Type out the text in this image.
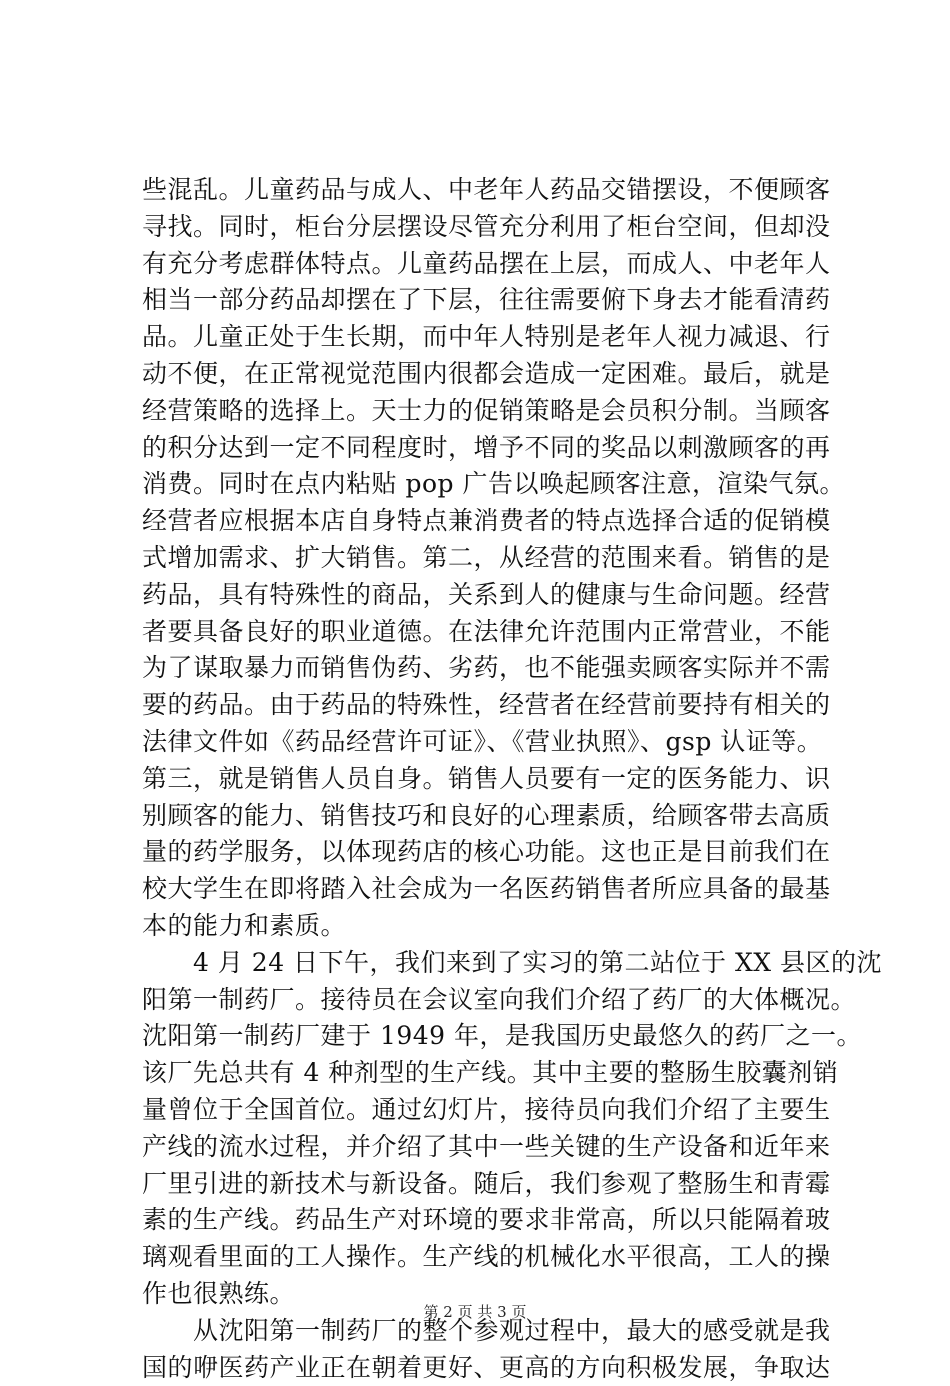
些混乱。儿童药品与成人、中老年人药品交错摆设，不便顾客
寻找。同时，柜台分层摆设尽管充分利用了柜台空间，但却没
有充分考虑群体特点。儿童药品摆在上层，而成人、中老年人
相当一部分药品却摆在了下层，往往需要俯下身去才能看清药
品。儿童正处于生长期，而中年人特别是老年人视力减退、行
动不便，在正常视觉范围内很都会造成一定困难。最后，就是
经营策略的选择上。天士力的促销策略是会员积分制。当顾客
的积分达到一定不同程度时，增予不同的奖品以刺激顾客的再
消费。同时在点内粘贴 pop 广告以唤起顾客注意，渲染气氛。
经营者应根据本店自身特点兼消费者的特点选择合适的促销模
式增加需求、扩大销售。第二，从经营的范围来看。销售的是
药品，具有特殊性的商品，关系到人的健康与生命问题。经营
者要具备良好的职业道德。在法律允许范围内正常营业，不能
为了谋取暴力而销售伪药、劣药，也不能强卖顾客实际并不需
要的药品。由于药品的特殊性，经营者在经营前要持有相关的
法律文件如《药品经营许可证》、《营业执照》、gsp 认证等。
第三，就是销售人员自身。销售人员要有一定的医务能力、识
别顾客的能力、销售技巧和良好的心理素质，给顾客带去高质
量的药学服务，以体现药店的核心功能。这也正是目前我们在
校大学生在即将踏入社会成为一名医药销售者所应具备的最基
本的能力和素质。
　　4 月 24 日下午，我们来到了实习的第二站位于 XX 县区的沈
阳第一制药厂。接待员在会议室向我们介绍了药厂的大体概况。
沈阳第一制药厂建于 1949 年，是我国历史最悠久的药厂之一。
该厂先总共有 4 种剂型的生产线。其中主要的整肠生胶囊剂销
量曾位于全国首位。通过幻灯片，接待员向我们介绍了主要生
产线的流水过程，并介绍了其中一些关键的生产设备和近年来
厂里引进的新技术与新设备。随后，我们参观了整肠生和青霉
素的生产线。药品生产对环境的要求非常高，所以只能隔着玻
璃观看里面的工人操作。生产线的机械化水平很高，工人的操
作也很熟练。
　　从沈阳第一制药厂的整个参观过程中，最大的感受就是我
国的咿医药产业正在朝着更好、更高的方向积极发展，争取达
第 2 页 共 3 页
